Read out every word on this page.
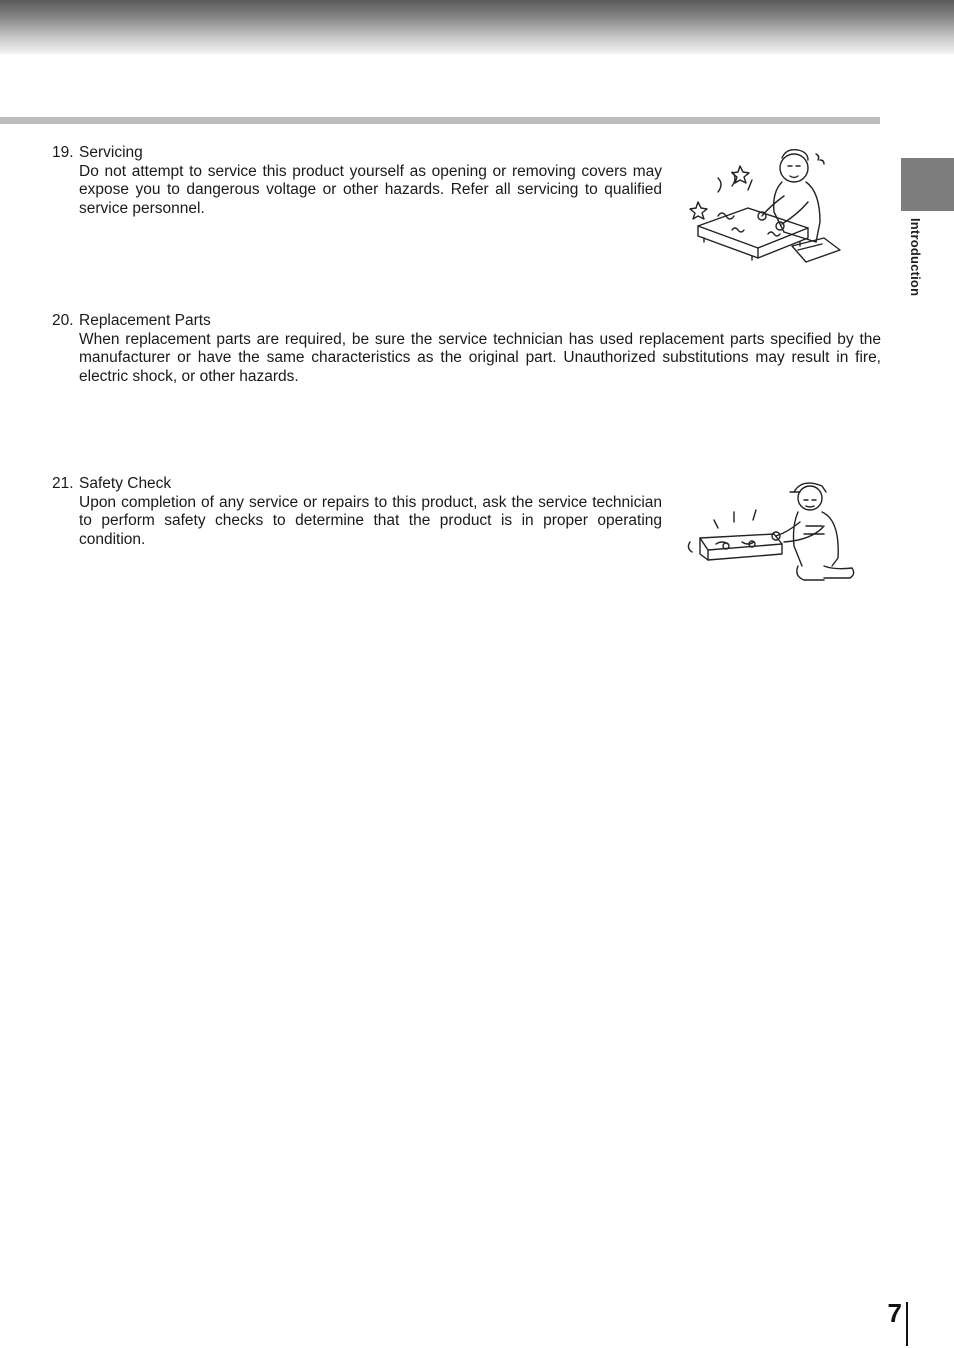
Introduction
19. Servicing
Do not attempt to service this product yourself as opening or removing covers may expose you to dangerous voltage or other hazards. Refer all servicing to qualified service personnel.
20. Replacement Parts
When replacement parts are required, be sure the service technician has used replacement parts specified by the manufacturer or have the same characteristics as the original part. Unauthorized substitutions may result in fire, electric shock, or other hazards.
21. Safety Check
Upon completion of any service or repairs to this product, ask the service technician to perform safety checks to determine that the product is in proper operating condition.
7
